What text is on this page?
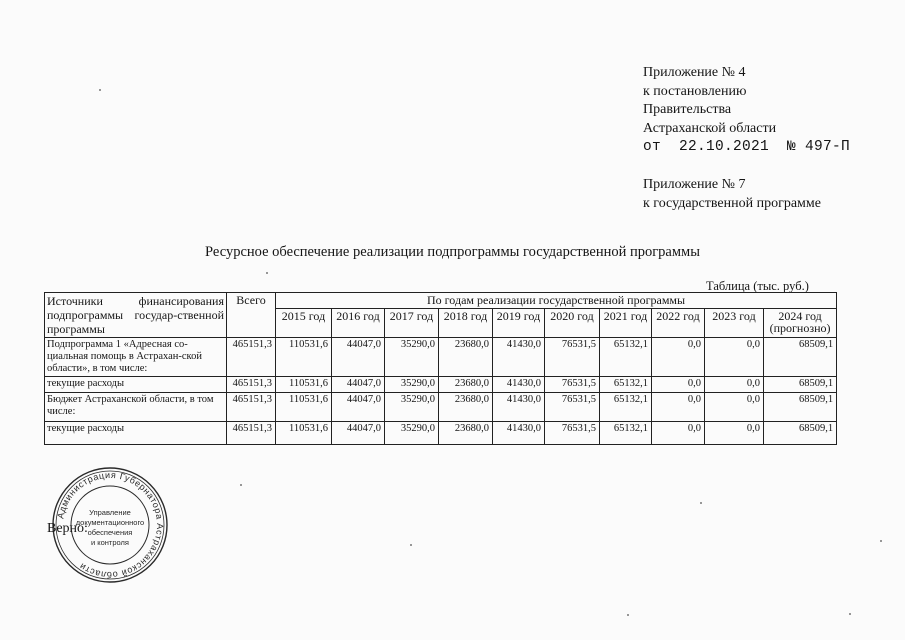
Приложение № 4
к постановлению
Правительства
Астраханской области
от  22.10.2021  № 497-П
Приложение № 7
к государственной программе
Ресурсное обеспечение реализации подпрограммы государственной программы
Таблица (тыс. руб.)
Источники финансирования подпрограммы государ-ственной программы	Всего	По годам реализации государственной программы									
		2015 год	2016 год	2017 год	2018 год	2019 год	2020 год	2021 год	2022 год	2023 год	2024 год (прогнозно)
Подпрограмма 1 «Адресная со-циальная помощь в Астрахан-ской области», в том числе:	465151,3	110531,6	44047,0	35290,0	23680,0	41430,0	76531,5	65132,1	0,0	0,0	68509,1
текущие расходы	465151,3	110531,6	44047,0	35290,0	23680,0	41430,0	76531,5	65132,1	0,0	0,0	68509,1
Бюджет Астраханской области, в том числе:	465151,3	110531,6	44047,0	35290,0	23680,0	41430,0	76531,5	65132,1	0,0	0,0	68509,1
текущие расходы	465151,3	110531,6	44047,0	35290,0	23680,0	41430,0	76531,5	65132,1	0,0	0,0	68509,1
Администрация Губернатора Астраханской области
Управление
документационного
обеспечения
и контроля
Верно:
